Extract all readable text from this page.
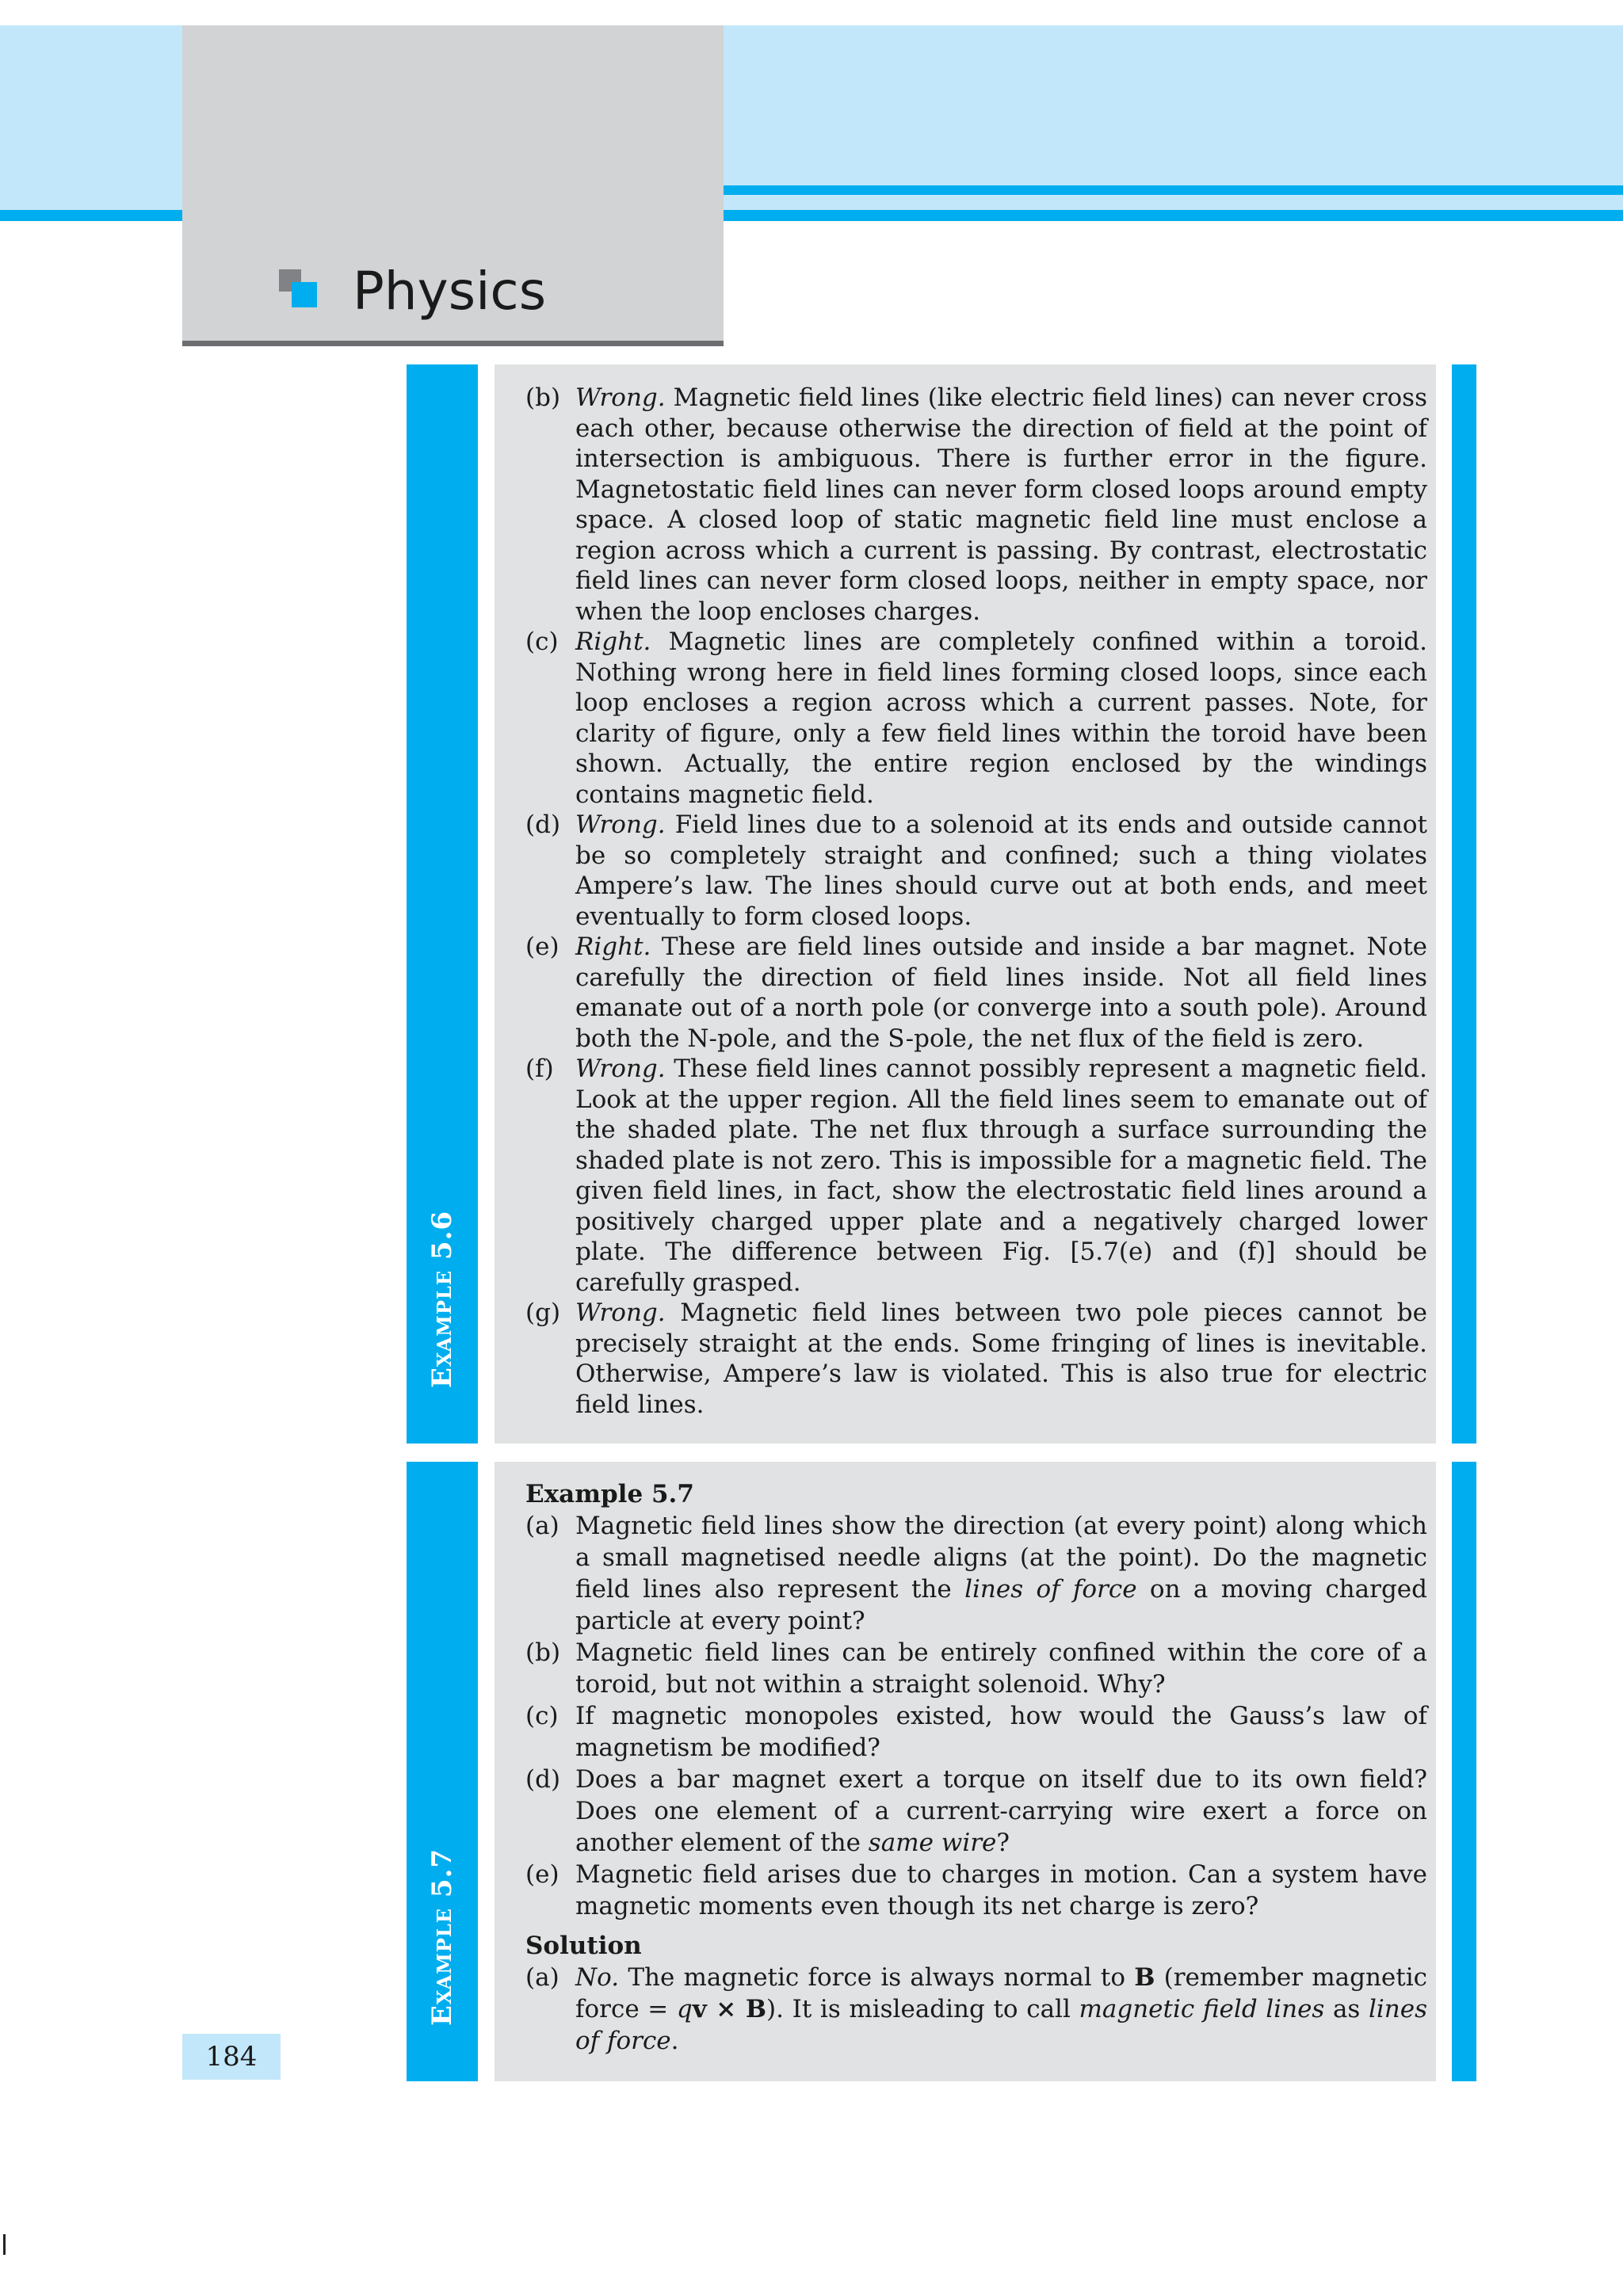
Physics
Example 5.6
(b) Wrong. Magnetic field lines (like electric field lines) can never cross each other, because otherwise the direction of field at the point of intersection is ambiguous. There is further error in the figure. Magnetostatic field lines can never form closed loops around empty space. A closed loop of static magnetic field line must enclose a region across which a current is passing. By contrast, electrostatic field lines can never form closed loops, neither in empty space, nor when the loop encloses charges.
(c) Right. Magnetic lines are completely confined within a toroid. Nothing wrong here in field lines forming closed loops, since each loop encloses a region across which a current passes. Note, for clarity of figure, only a few field lines within the toroid have been shown. Actually, the entire region enclosed by the windings contains magnetic field.
(d) Wrong. Field lines due to a solenoid at its ends and outside cannot be so completely straight and confined; such a thing violates Ampere’s law. The lines should curve out at both ends, and meet eventually to form closed loops.
(e) Right. These are field lines outside and inside a bar magnet. Note carefully the direction of field lines inside. Not all field lines emanate out of a north pole (or converge into a south pole). Around both the N-pole, and the S-pole, the net flux of the field is zero.
(f) Wrong. These field lines cannot possibly represent a magnetic field. Look at the upper region. All the field lines seem to emanate out of the shaded plate. The net flux through a surface surrounding the shaded plate is not zero. This is impossible for a magnetic field. The given field lines, in fact, show the electrostatic field lines around a positively charged upper plate and a negatively charged lower plate. The difference between Fig. [5.7(e) and (f)] should be carefully grasped.
(g) Wrong. Magnetic field lines between two pole pieces cannot be precisely straight at the ends. Some fringing of lines is inevitable. Otherwise, Ampere’s law is violated. This is also true for electric field lines.
Example 5.7
Example 5.7
(a) Magnetic field lines show the direction (at every point) along which a small magnetised needle aligns (at the point). Do the magnetic field lines also represent the lines of force on a moving charged particle at every point?
(b) Magnetic field lines can be entirely confined within the core of a toroid, but not within a straight solenoid. Why?
(c) If magnetic monopoles existed, how would the Gauss’s law of magnetism be modified?
(d) Does a bar magnet exert a torque on itself due to its own field? Does one element of a current-carrying wire exert a force on another element of the same wire?
(e) Magnetic field arises due to charges in motion. Can a system have magnetic moments even though its net charge is zero?
Solution
(a) No. The magnetic force is always normal to B (remember magnetic force = qv × B). It is misleading to call magnetic field lines as lines of force.
184
